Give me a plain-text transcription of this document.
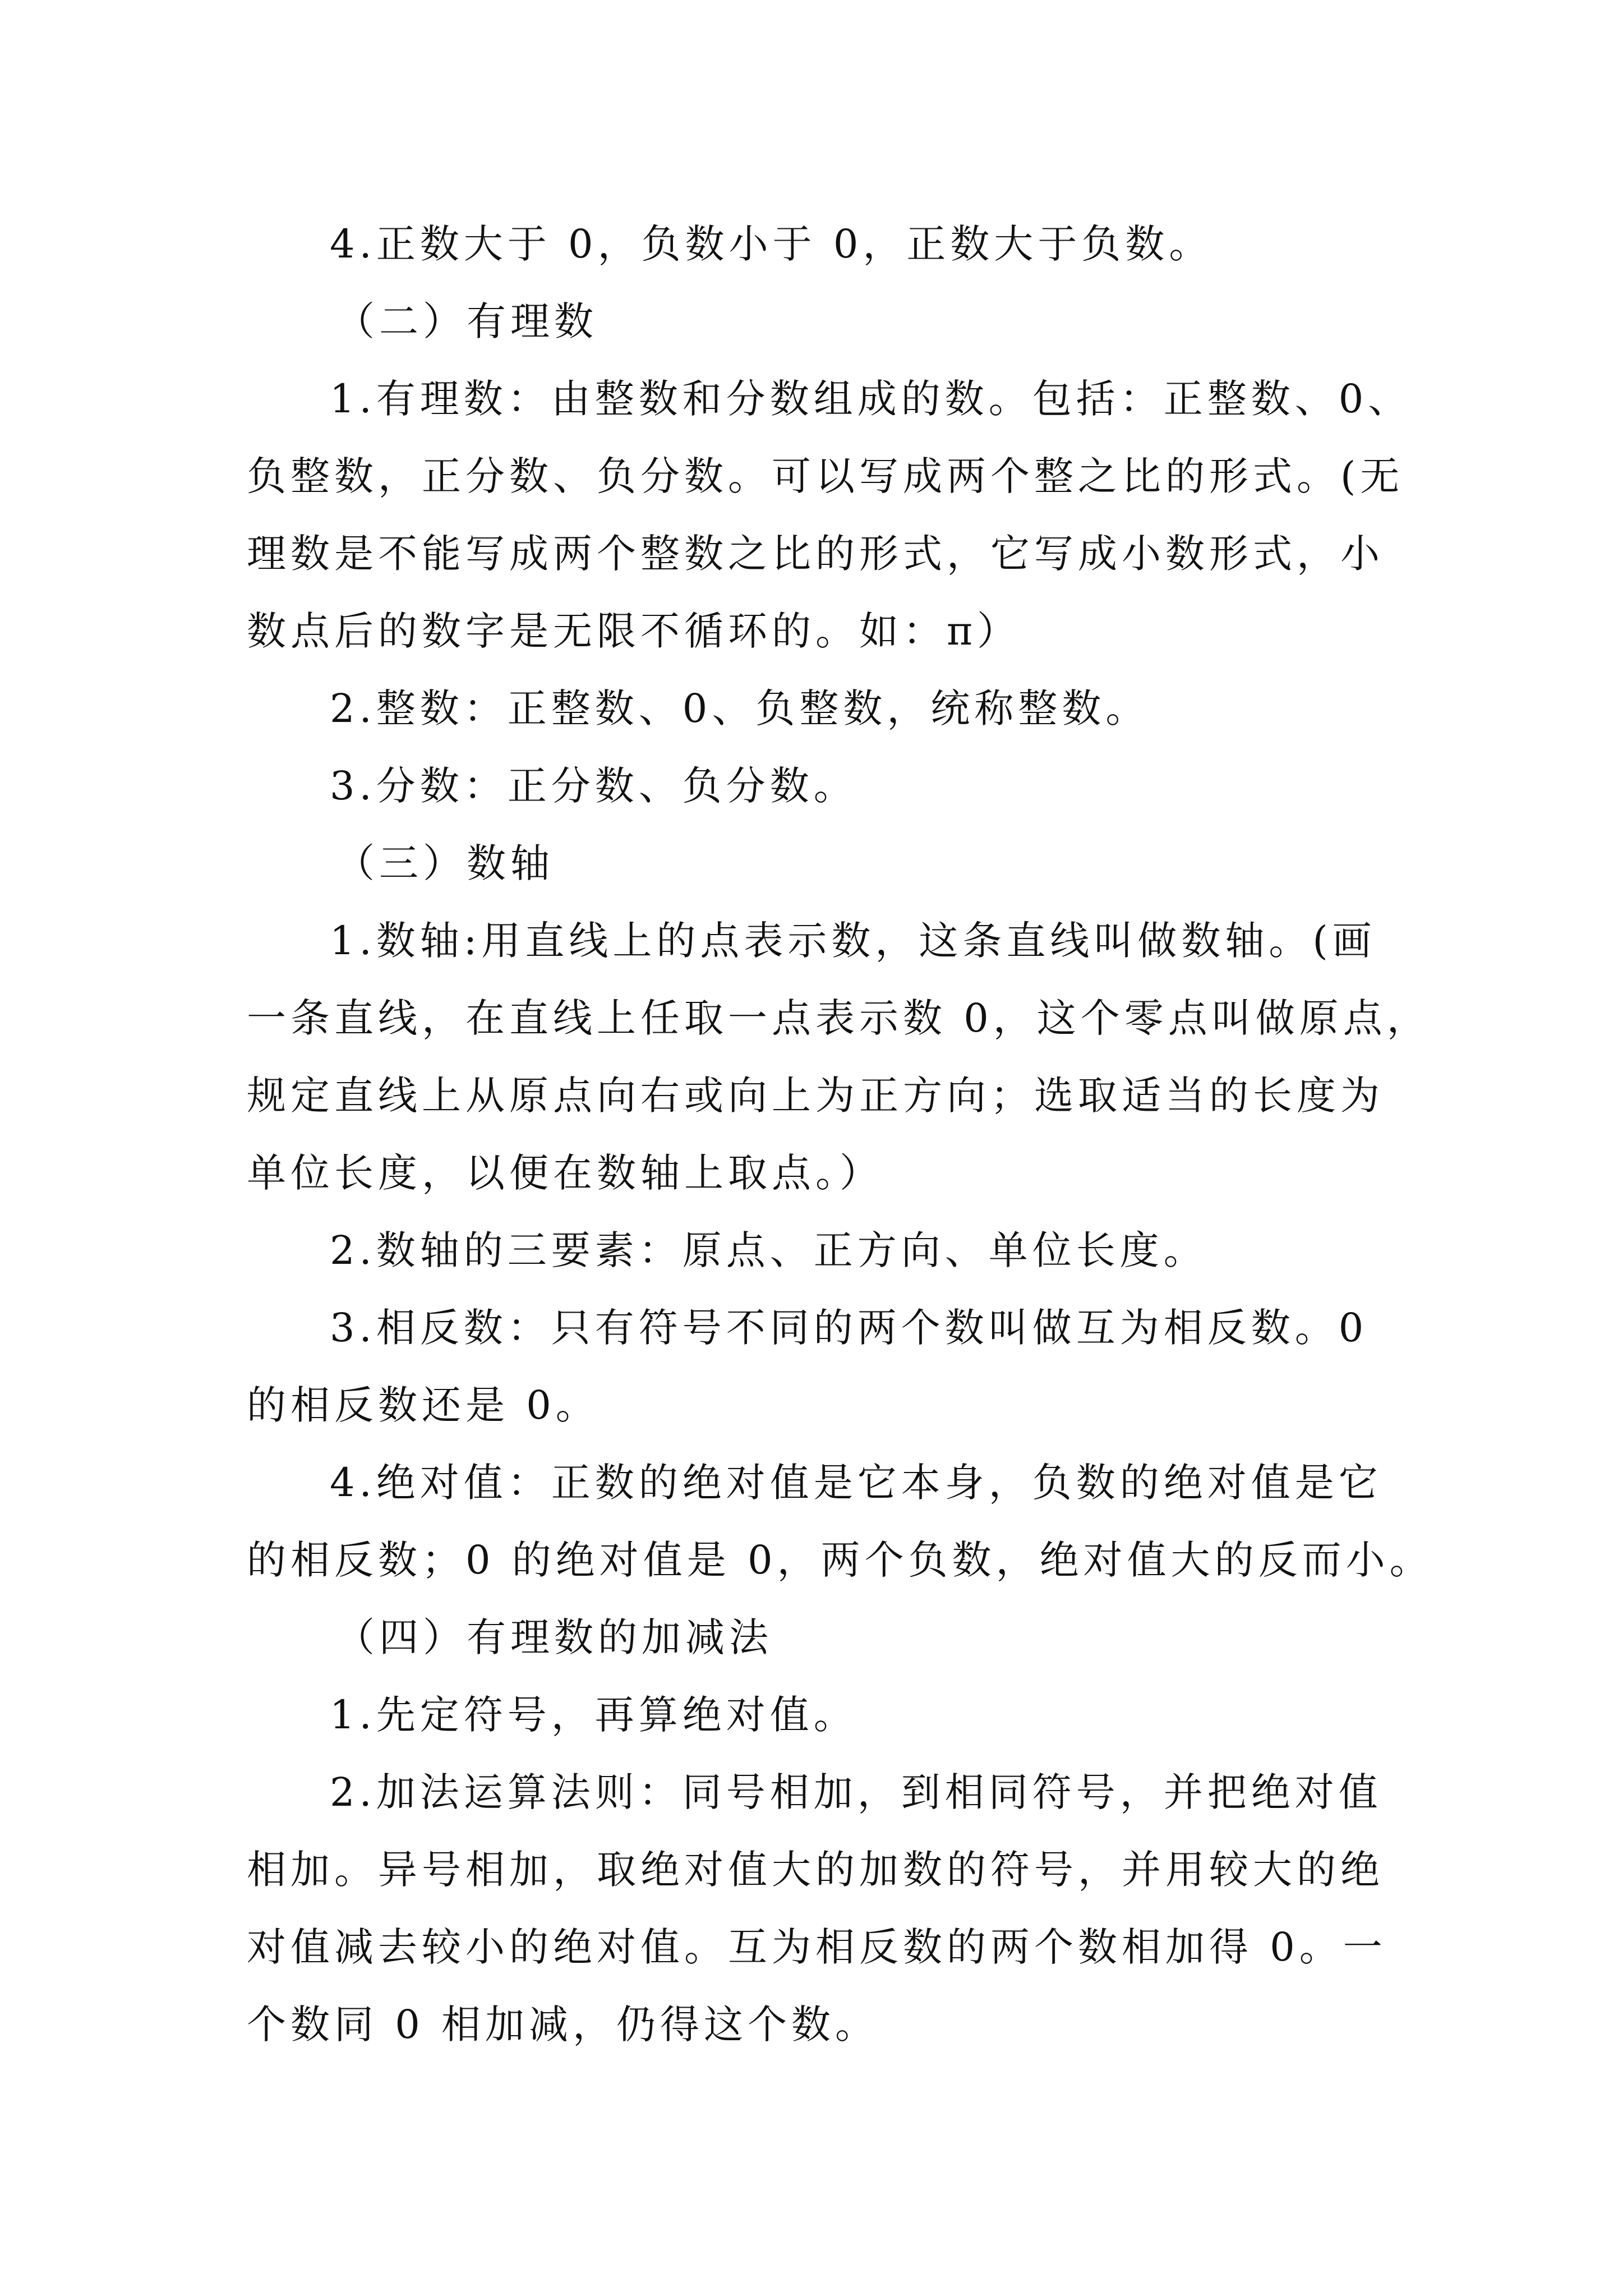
4.正数大于 0，负数小于 0，正数大于负数。
（二）有理数
1.有理数：由整数和分数组成的数。包括：正整数、0、
负整数，正分数、负分数。可以写成两个整之比的形式。(无
理数是不能写成两个整数之比的形式，它写成小数形式，小
数点后的数字是无限不循环的。如：π）
2.整数：正整数、0、负整数，统称整数。
3.分数：正分数、负分数。
（三）数轴
1.数轴:用直线上的点表示数，这条直线叫做数轴。(画
一条直线，在直线上任取一点表示数 0，这个零点叫做原点，
规定直线上从原点向右或向上为正方向；选取适当的长度为
单位长度，以便在数轴上取点。）
2.数轴的三要素：原点、正方向、单位长度。
3.相反数：只有符号不同的两个数叫做互为相反数。0
的相反数还是 0。
4.绝对值：正数的绝对值是它本身，负数的绝对值是它
的相反数；0 的绝对值是 0，两个负数，绝对值大的反而小。
（四）有理数的加减法
1.先定符号，再算绝对值。
2.加法运算法则：同号相加，到相同符号，并把绝对值
相加。异号相加，取绝对值大的加数的符号，并用较大的绝
对值减去较小的绝对值。互为相反数的两个数相加得 0。一
个数同 0 相加减，仍得这个数。
